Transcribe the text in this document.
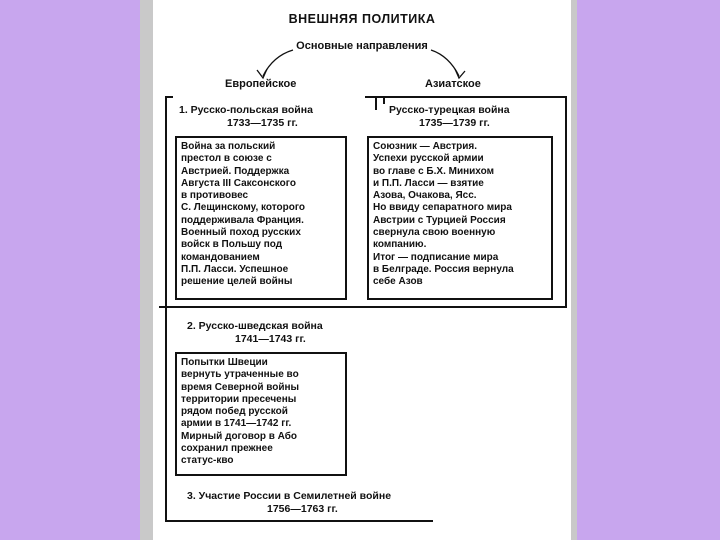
ВНЕШНЯЯ ПОЛИТИКА
Основные направления
Европейское	Азиатское
1. Русско-польская война
1733—1735 гг.
Война за польский
престол в союзе с
Австрией. Поддержка
Августа III Саксонского
в противовес
С. Лещинскому, которого
поддерживала Франция.
Военный поход русских
войск в Польшу под
командованием
П.П. Ласси. Успешное
решение целей войны
Русско-турецкая война
1735—1739 гг.
Союзник — Австрия.
Успехи русской армии
во главе с Б.Х. Минихом
и П.П. Ласси — взятие
Азова, Очакова, Ясс.
Но ввиду сепаратного мира
Австрии с Турцией Россия
свернула свою военную
компанию.
Итог — подписание мира
в Белграде. Россия вернула
себе Азов
2. Русско-шведская война
1741—1743 гг.
Попытки Швеции
вернуть утраченные во
время Северной войны
территории пресечены
рядом побед русской
армии в 1741—1742 гг.
Мирный договор в Або
сохранил прежнее
статус-кво
3. Участие России в Семилетней войне
1756—1763 гг.
